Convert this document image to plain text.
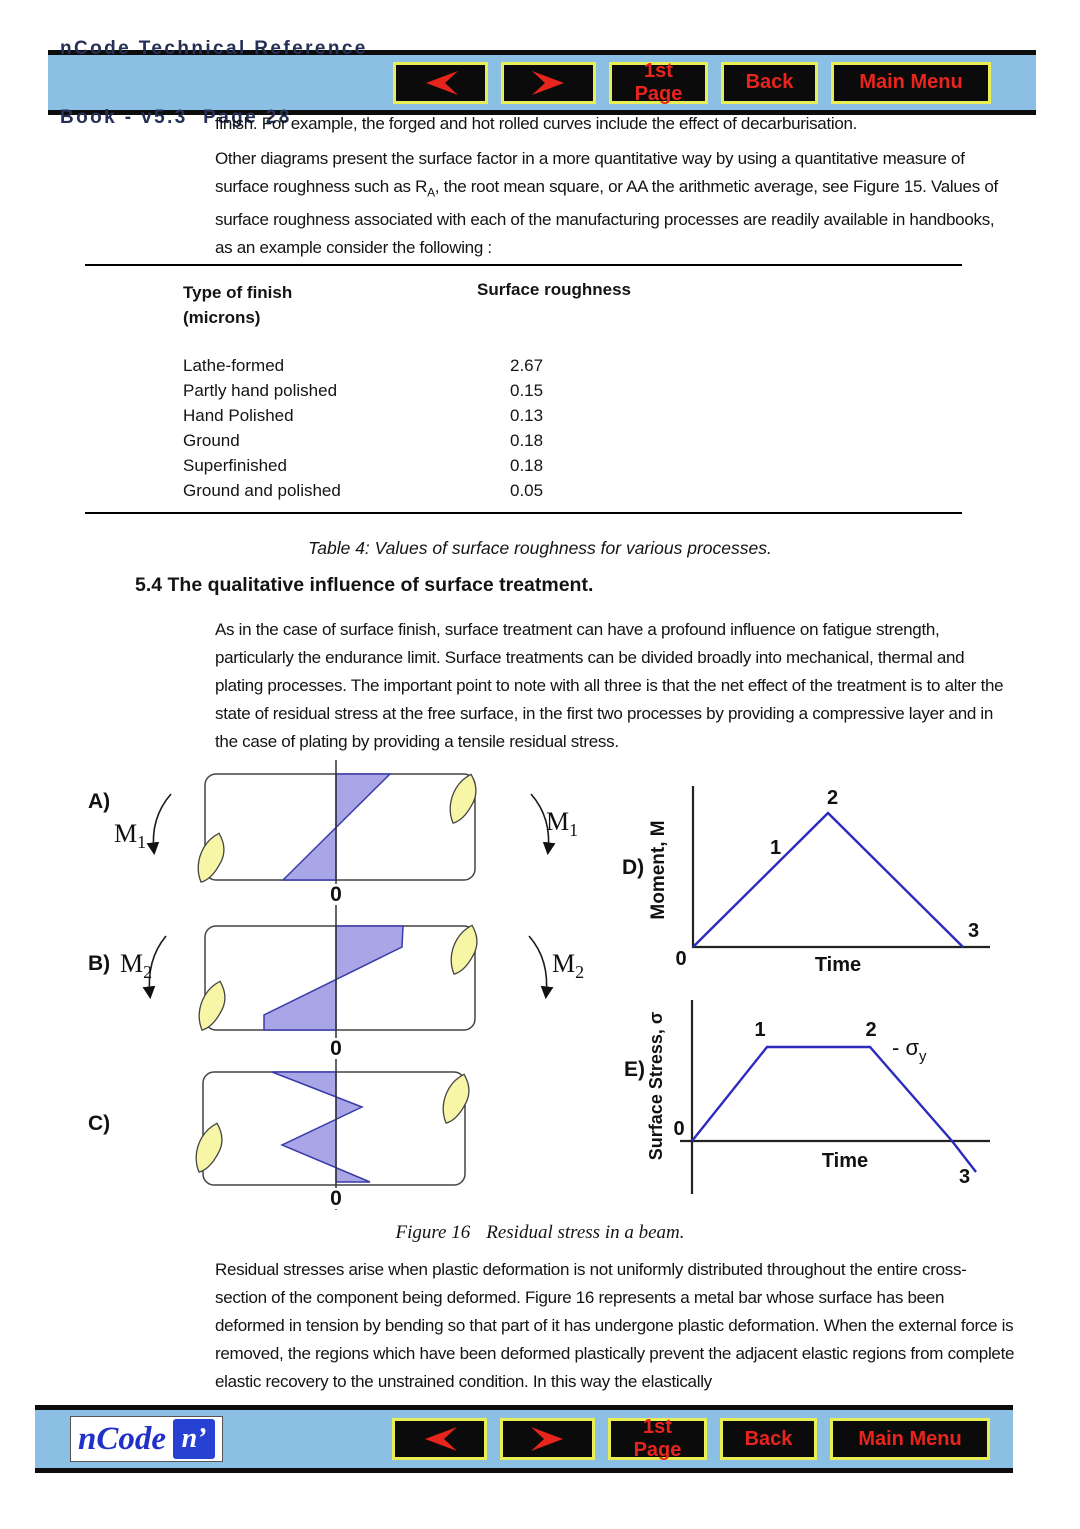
nCode Technical Reference

Book - v5.3  Page 28

1st Page
Back	Main Menu

finish. For example, the forged and hot rolled curves include the effect of decarburisation.

Other diagrams present the surface factor in a more quantitative way by using a quantitative measure of surface roughness such as $R_A$, the root mean square, or AA the arithmetic average, see Figure 15. Values of surface roughness associated with each of the manufacturing processes are readily available in handbooks, as an example consider the following :

Type of finish
(microns)
Surface roughness
Lathe-formed	2.67
Partly hand polished	0.15
Hand Polished	0.13
Ground	0.18
Superfinished	0.18
Ground and polished	0.05
Table 4: Values of surface roughness for various processes.
5.4 The qualitative influence of surface treatment.

As in the case of surface finish, surface treatment can have a profound influence on fatigue strength, particularly the endurance limit. Surface treatments can be divided broadly into mechanical, thermal and plating processes. The important point to note with all three is that the net effect of the treatment is to alter the state of residual stress at the free surface, in the first two processes by providing a compressive layer and in the case of plating by providing a tensile residual stress.

A)
B)
C)
$M_1$
$M_1$
$M_2$	$M_2$
0
0
0
D) Moment, M
Time
0
1
2
3
E) Surface Stress, σ
Time
0
1	2
3
- $\sigma_y$
Figure 16 Residual stress in a beam.

Residual stresses arise when plastic deformation is not uniformly distributed throughout the entire cross-section of the component being deformed. Figure 16 represents a metal bar whose surface has been deformed in tension by bending so that part of it has undergone plastic deformation. When the external force is removed, the regions which have been deformed plastically prevent the adjacent elastic regions from complete elastic recovery to the unstrained condition. In this way the elastically

nCode n’	1st Page
Back	Main Menu
